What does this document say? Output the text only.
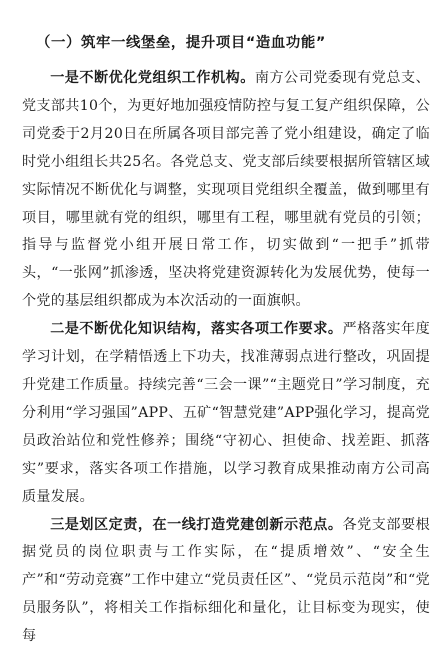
（一）筑牢一线堡垒，提升项目“造血功能”

一是不断优化党组织工作机构。南方公司党委现有党总支、党支部共10个，为更好地加强疫情防控与复工复产组织保障，公司党委于2月20日在所属各项目部完善了党小组建设，确定了临时党小组组长共25名。各党总支、党支部后续要根据所管辖区域实际情况不断优化与调整，实现项目党组织全覆盖，做到哪里有项目，哪里就有党的组织，哪里有工程，哪里就有党员的引领；指导与监督党小组开展日常工作，切实做到“一把手”抓带头，“一张网”抓渗透，坚决将党建资源转化为发展优势，使每一个党的基层组织都成为本次活动的一面旗帜。

二是不断优化知识结构，落实各项工作要求。严格落实年度学习计划，在学精悟透上下功夫，找准薄弱点进行整改，巩固提升党建工作质量。持续完善“三会一课”“主题党日”学习制度，充分利用“学习强国”APP、五矿“智慧党建”APP强化学习，提高党员政治站位和党性修养；围绕“守初心、担使命、找差距、抓落实”要求，落实各项工作措施，以学习教育成果推动南方公司高质量发展。

三是划区定责，在一线打造党建创新示范点。各党支部要根据党员的岗位职责与工作实际，在“提质增效”、“安全生产”和“劳动竞赛”工作中建立“党员责任区”、“党员示范岗”和“党员服务队”，将相关工作指标细化和量化，让目标变为现实，使每
